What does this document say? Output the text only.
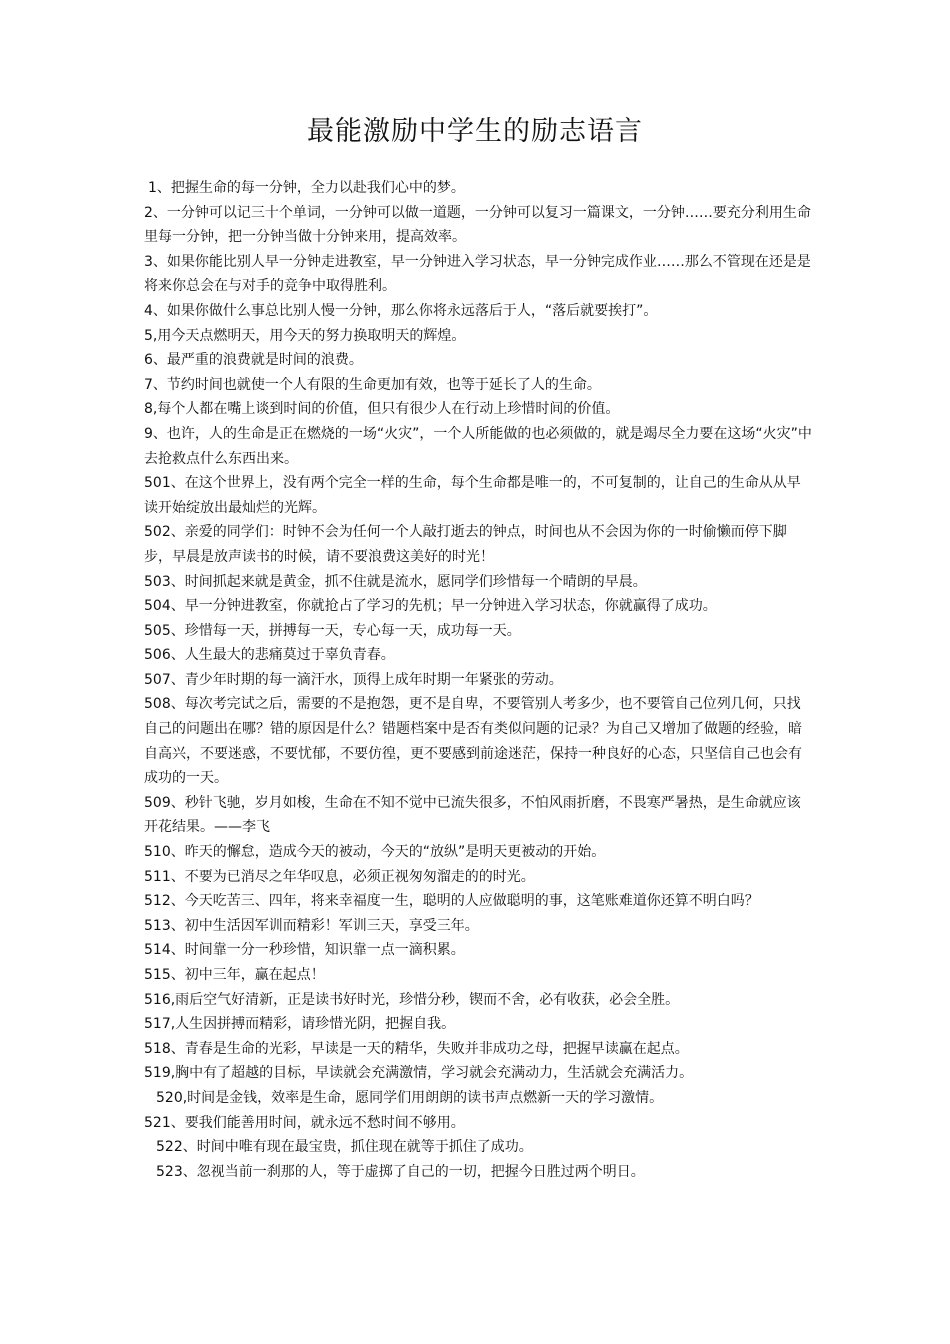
最能激励中学生的励志语言

1、把握生命的每一分钟，全力以赴我们心中的梦。

2、一分钟可以记三十个单词，一分钟可以做一道题，一分钟可以复习一篇课文，一分钟……要充分利用生命里每一分钟，把一分钟当做十分钟来用，提高效率。

3、如果你能比别人早一分钟走进教室，早一分钟进入学习状态，早一分钟完成作业……那么不管现在还是是将来你总会在与对手的竞争中取得胜利。

4、如果你做什么事总比别人慢一分钟，那么你将永远落后于人，“落后就要挨打”。

5,用今天点燃明天，用今天的努力换取明天的辉煌。

6、最严重的浪费就是时间的浪费。

7、节约时间也就使一个人有限的生命更加有效，也等于延长了人的生命。

8,每个人都在嘴上谈到时间的价值，但只有很少人在行动上珍惜时间的价值。

9、也许，人的生命是正在燃烧的一场“火灾”，一个人所能做的也必须做的，就是竭尽全力要在这场“火灾”中去抢救点什么东西出来。

501、在这个世界上，没有两个完全一样的生命，每个生命都是唯一的，不可复制的，让自己的生命从从早读开始绽放出最灿烂的光辉。

502、亲爱的同学们：时钟不会为任何一个人敲打逝去的钟点，时间也从不会因为你的一时偷懒而停下脚步，早晨是放声读书的时候，请不要浪费这美好的时光！

503、时间抓起来就是黄金，抓不住就是流水，愿同学们珍惜每一个晴朗的早晨。

504、早一分钟进教室，你就抢占了学习的先机；早一分钟进入学习状态，你就赢得了成功。

505、珍惜每一天，拼搏每一天，专心每一天，成功每一天。

506、人生最大的悲痛莫过于辜负青春。

507、青少年时期的每一滴汗水，顶得上成年时期一年紧张的劳动。

508、每次考完试之后，需要的不是抱怨，更不是自卑，不要管别人考多少，也不要管自己位列几何，只找自己的问题出在哪？错的原因是什么？错题档案中是否有类似问题的记录？为自己又增加了做题的经验，暗自高兴，不要迷惑，不要忧郁，不要仿徨，更不要感到前途迷茫，保持一种良好的心态，只坚信自己也会有成功的一天。

509、秒针飞驰，岁月如梭，生命在不知不觉中已流失很多，不怕风雨折磨，不畏寒严暑热，是生命就应该开花结果。——李飞

510、昨天的懈怠，造成今天的被动，今天的“放纵”是明天更被动的开始。

511、不要为已消尽之年华叹息，必须正视匆匆溜走的的时光。

512、今天吃苦三、四年，将来幸福度一生，聪明的人应做聪明的事，这笔账难道你还算不明白吗？

513、初中生活因军训而精彩！军训三天，享受三年。

514、时间靠一分一秒珍惜，知识靠一点一滴积累。

515、初中三年，赢在起点！

516,雨后空气好清新，正是读书好时光，珍惜分秒，锲而不舍，必有收获，必会全胜。

517,人生因拼搏而精彩，请珍惜光阴，把握自我。

518、青春是生命的光彩，早读是一天的精华，失败并非成功之母，把握早读赢在起点。

519,胸中有了超越的目标，早读就会充满激情，学习就会充满动力，生活就会充满活力。

520,时间是金钱，效率是生命，愿同学们用朗朗的读书声点燃新一天的学习激情。

521、要我们能善用时间，就永远不愁时间不够用。

522、时间中唯有现在最宝贵，抓住现在就等于抓住了成功。

523、忽视当前一刹那的人，等于虚掷了自己的一切，把握今日胜过两个明日。
